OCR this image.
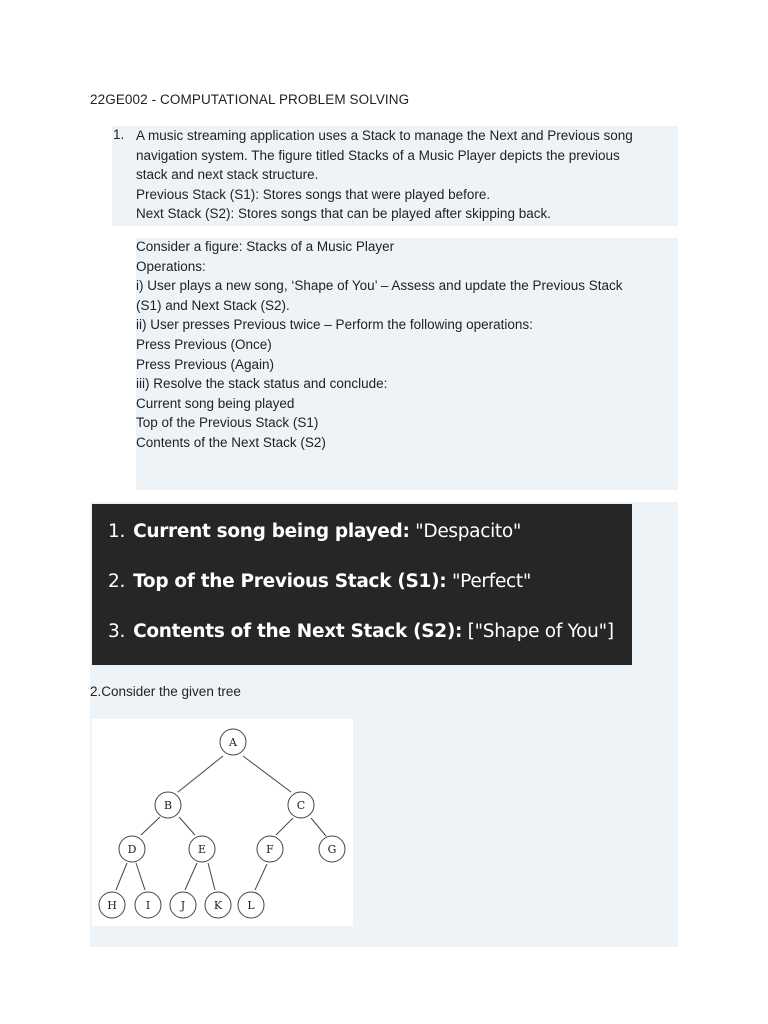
22GE002 - COMPUTATIONAL PROBLEM SOLVING
1. A music streaming application uses a Stack to manage the Next and Previous song
navigation system. The figure titled Stacks of a Music Player depicts the previous
stack and next stack structure.
Previous Stack (S1): Stores songs that were played before.
Next Stack (S2): Stores songs that can be played after skipping back.
Consider a figure: Stacks of a Music Player
Operations:
i) User plays a new song, ‘Shape of You’ – Assess and update the Previous Stack
(S1) and Next Stack (S2).
ii) User presses Previous twice – Perform the following operations:
Press Previous (Once)
Press Previous (Again)
iii) Resolve the stack status and conclude:
Current song being played
Top of the Previous Stack (S1)
Contents of the Next Stack (S2)
1. Current song being played: "Despacito"
2. Top of the Previous Stack (S1): "Perfect"
3. Contents of the Next Stack (S2): ["Shape of You"]
2.Consider the given tree
A
B	C
D	E	F	G
H	I	J	K L
